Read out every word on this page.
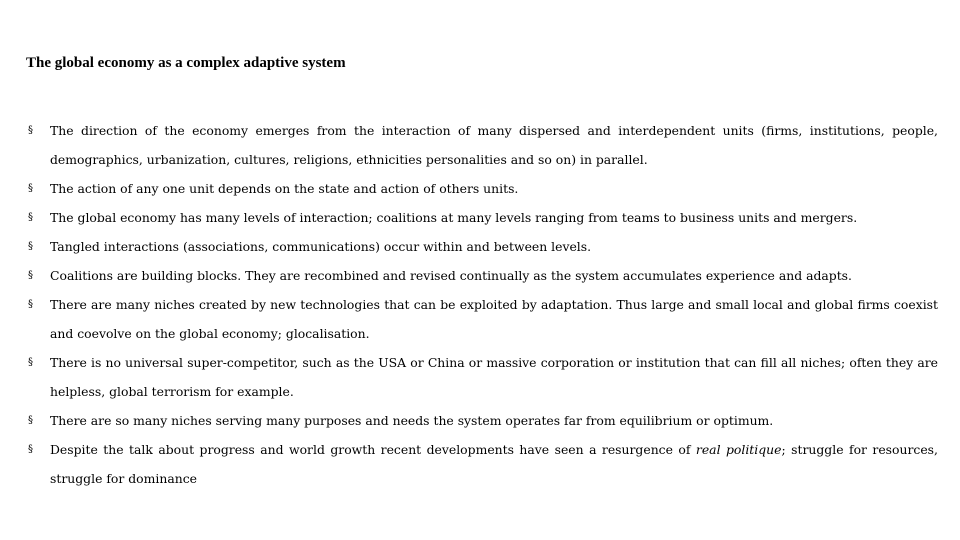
The global economy as a complex adaptive system
§ The direction of the economy emerges from the interaction of many dispersed and interdependent units (firms, institutions, people, demographics, urbanization, cultures, religions, ethnicities personalities and so on) in parallel.
§ The action of any one unit depends on the state and action of others units.
§ The global economy has many levels of interaction; coalitions at many levels ranging from teams to business units and mergers.
§ Tangled interactions (associations, communications) occur within and between levels.
§ Coalitions are building blocks. They are recombined and revised continually as the system accumulates experience and adapts.
§ There are many niches created by new technologies that can be exploited by adaptation. Thus large and small local and global firms coexist and coevolve on the global economy; glocalisation.
§ There is no universal super-competitor, such as the USA or China or massive corporation or institution that can fill all niches; often they are helpless, global terrorism for example.
§ There are so many niches serving many purposes and needs the system operates far from equilibrium or optimum.
§ Despite the talk about progress and world growth recent developments have seen a resurgence of real politique; struggle for resources, struggle for dominance
